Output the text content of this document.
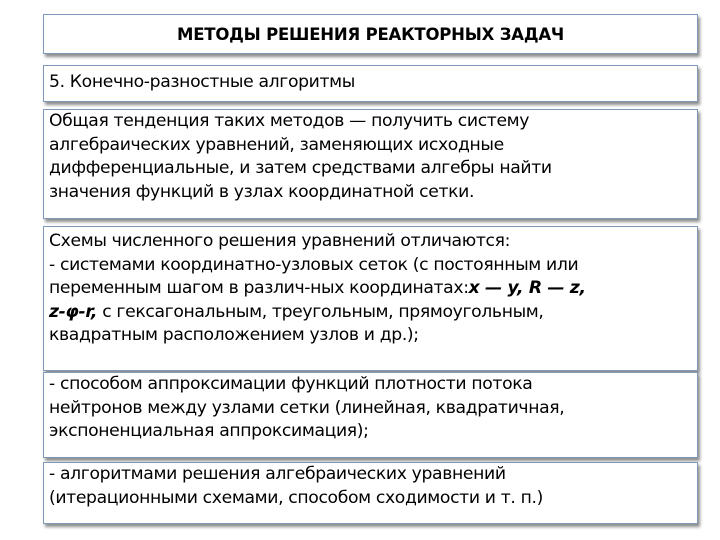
МЕТОДЫ РЕШЕНИЯ РЕАКТОРНЫХ ЗАДАЧ
5. Конечно-разностные алгоритмы
Общая тенденция таких методов — получить систему
алгебраических уравнений, заменяющих исходные
дифференциальные, и затем средствами алгебры найти
значения функций в узлах координатной сетки.
Схемы численного решения уравнений отличаются:
- системами координатно-узловых сеток (с постоянным или
переменным шагом в различ-ных координатах:x — y, R — z,
z-φ-r, с гексагональным, треугольным, прямоугольным,
квадратным расположением узлов и др.);
- способом аппроксимации функций плотности потока
нейтронов между узлами сетки (линейная, квадратичная,
экспоненциальная аппроксимация);
- алгоритмами решения алгебраических уравнений
(итерационными схемами, способом сходимости и т. п.)
